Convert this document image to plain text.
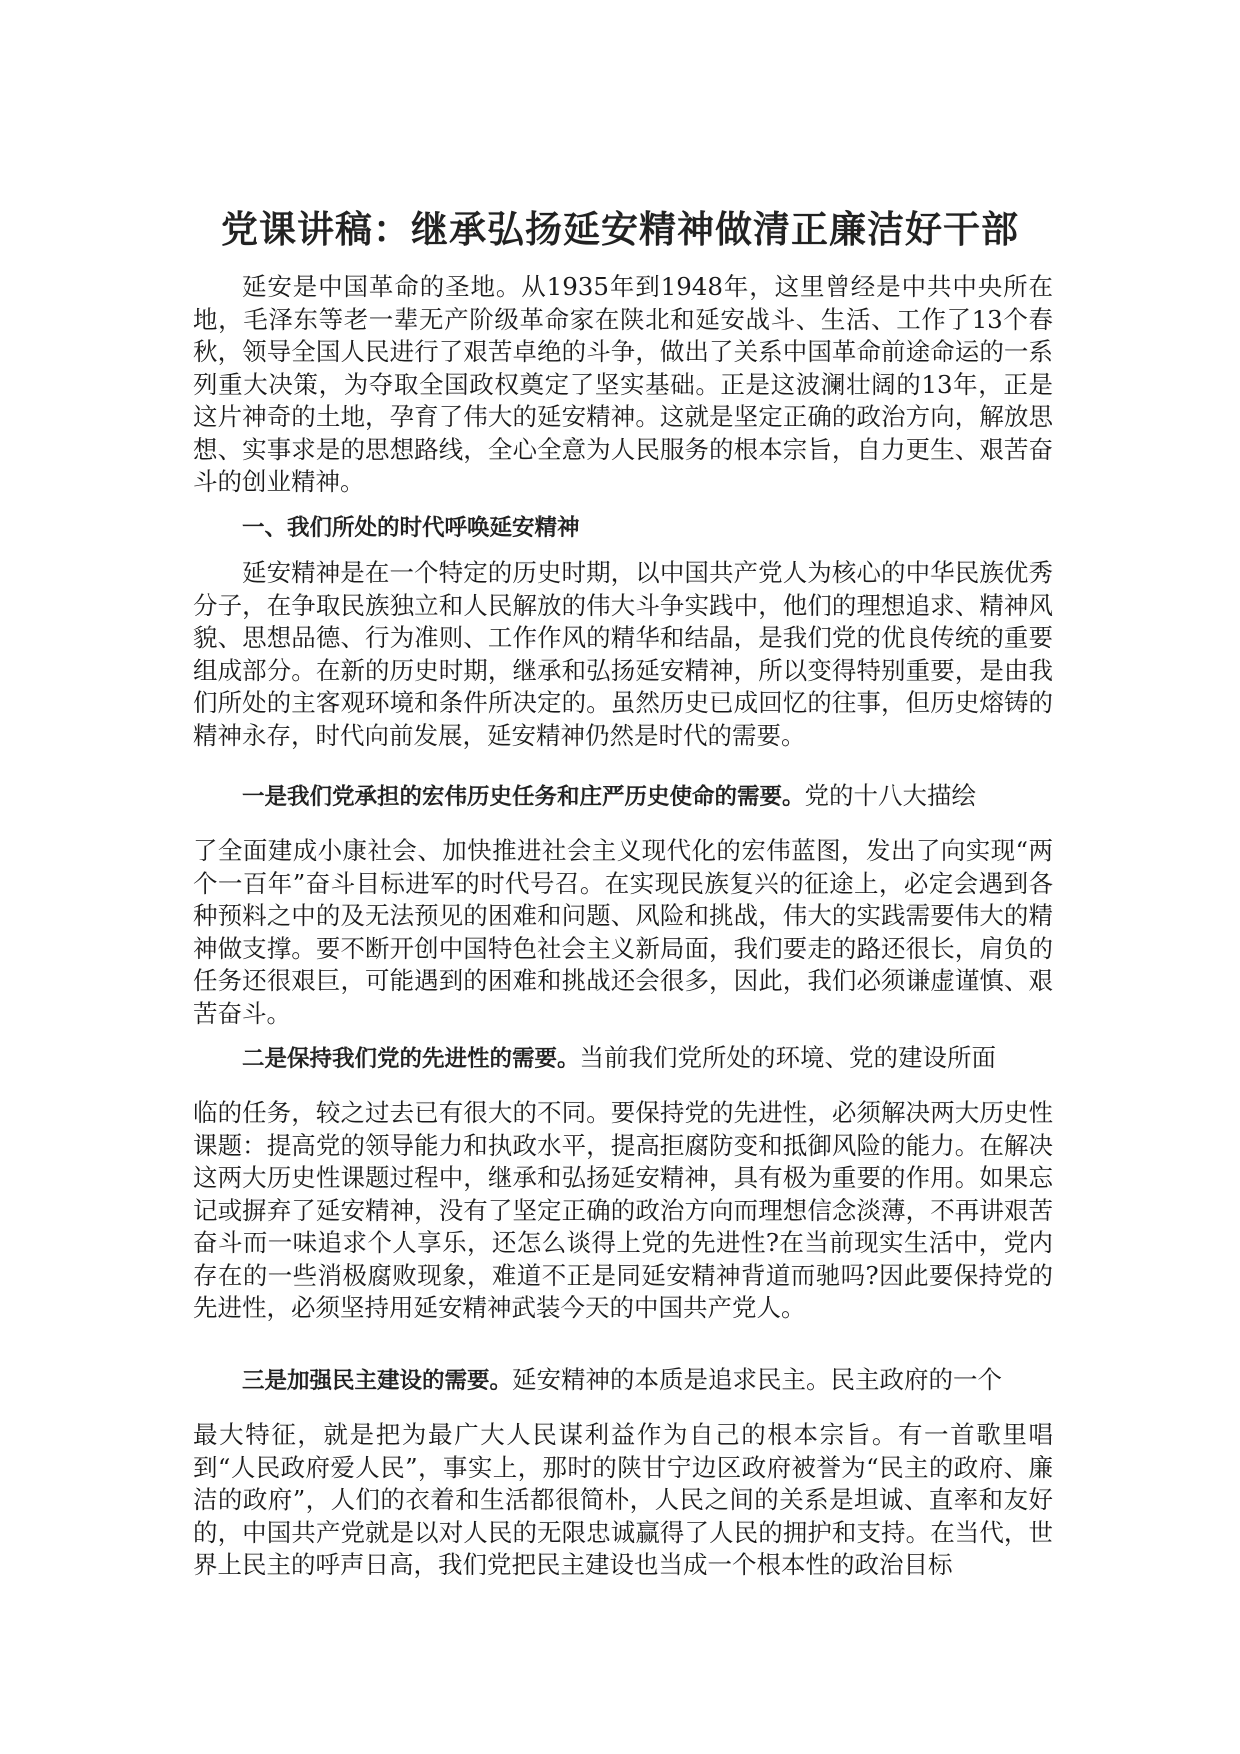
党课讲稿：继承弘扬延安精神做清正廉洁好干部

延安是中国革命的圣地。从1935年到1948年，这里曾经是中共中央所在地，毛泽东等老一辈无产阶级革命家在陕北和延安战斗、生活、工作了13个春秋，领导全国人民进行了艰苦卓绝的斗争，做出了关系中国革命前途命运的一系列重大决策，为夺取全国政权奠定了坚实基础。正是这波澜壮阔的13年，正是这片神奇的土地，孕育了伟大的延安精神。这就是坚定正确的政治方向，解放思想、实事求是的思想路线，全心全意为人民服务的根本宗旨，自力更生、艰苦奋斗的创业精神。

一、我们所处的时代呼唤延安精神

延安精神是在一个特定的历史时期，以中国共产党人为核心的中华民族优秀分子，在争取民族独立和人民解放的伟大斗争实践中，他们的理想追求、精神风貌、思想品德、行为准则、工作作风的精华和结晶，是我们党的优良传统的重要组成部分。在新的历史时期，继承和弘扬延安精神，所以变得特别重要，是由我们所处的主客观环境和条件所决定的。虽然历史已成回忆的往事，但历史熔铸的精神永存，时代向前发展，延安精神仍然是时代的需要。

一是我们党承担的宏伟历史任务和庄严历史使命的需要。党的十八大描绘

了全面建成小康社会、加快推进社会主义现代化的宏伟蓝图，发出了向实现“两个一百年”奋斗目标进军的时代号召。在实现民族复兴的征途上，必定会遇到各种预料之中的及无法预见的困难和问题、风险和挑战，伟大的实践需要伟大的精神做支撑。要不断开创中国特色社会主义新局面，我们要走的路还很长，肩负的任务还很艰巨，可能遇到的困难和挑战还会很多，因此，我们必须谦虚谨慎、艰苦奋斗。

二是保持我们党的先进性的需要。当前我们党所处的环境、党的建设所面

临的任务，较之过去已有很大的不同。要保持党的先进性，必须解决两大历史性课题：提高党的领导能力和执政水平，提高拒腐防变和抵御风险的能力。在解决这两大历史性课题过程中，继承和弘扬延安精神，具有极为重要的作用。如果忘记或摒弃了延安精神，没有了坚定正确的政治方向而理想信念淡薄，不再讲艰苦奋斗而一味追求个人享乐，还怎么谈得上党的先进性?在当前现实生活中，党内存在的一些消极腐败现象，难道不正是同延安精神背道而驰吗?因此要保持党的先进性，必须坚持用延安精神武装今天的中国共产党人。

三是加强民主建设的需要。延安精神的本质是追求民主。民主政府的一个

最大特征，就是把为最广大人民谋利益作为自己的根本宗旨。有一首歌里唱到“人民政府爱人民”，事实上，那时的陕甘宁边区政府被誉为“民主的政府、廉洁的政府”，人们的衣着和生活都很简朴，人民之间的关系是坦诚、直率和友好的，中国共产党就是以对人民的无限忠诚赢得了人民的拥护和支持。在当代，世界上民主的呼声日高，我们党把民主建设也当成一个根本性的政治目标
